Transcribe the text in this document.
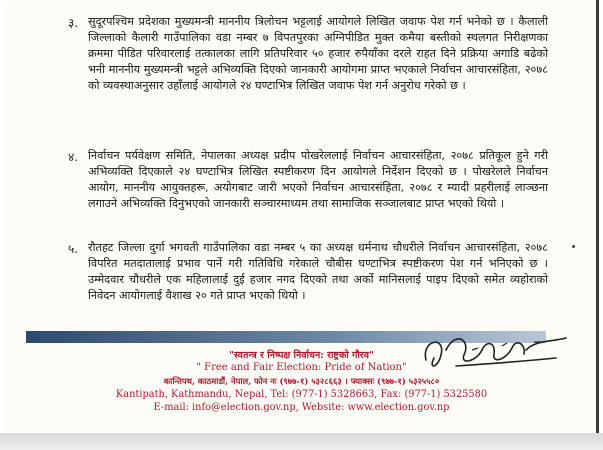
३. सुदूरपश्चिम प्रदेशका मुख्यमन्त्री माननीय त्रिलोचन भट्टलाई आयोगले लिखित जवाफ पेश गर्न भनेको छ । कैलाली जिल्लाको कैलारी गाउँपालिका वडा नम्बर ७ विपतपुरका अग्निपीडित मुक्त कमैया बस्तीको स्थलगत निरीक्षणका क्रममा पीडित परिवारलाई तत्कालका लागि प्रतिपरिवार ५० हजार रुपैयाँका दरले राहत दिने प्रक्रिया अगाडि बढेको भनी माननीय मुख्यमन्त्री भट्टले अभिव्यक्ति दिएको जानकारी आयोगमा प्राप्त भएकाले निर्वाचन आचारसंहिता, २०७८ को व्यवस्थाअनुसार उहाँलाई आयोगले २४ घण्टाभित्र लिखित जवाफ पेश गर्न अनुरोध गरेको छ ।

४. निर्वाचन पर्यवेक्षण समिति, नेपालका अध्यक्ष प्रदीप पोखरेललाई निर्वाचन आचारसंहिता, २०७८ प्रतिकूल हुने गरी अभिव्यक्ति दिएकाले २४ घण्टाभित्र लिखित स्पष्टीकरण दिन आयोगले निर्देशन दिएको छ । पोखरेलले निर्वाचन आयोग, माननीय आयुक्तहरू, अयोगबाट जारी भएको निर्वाचन आचारसंहिता, २०७८ र म्यादी प्रहरीलाई लाञ्छना लगाउने अभिव्यक्ति दिनुभएको जानकारी सञ्चारमाध्यम तथा सामाजिक सञ्जालबाट प्राप्त भएको थियो ।

५. रौतहट जिल्ला दुर्गा भगवती गाउँपालिका वडा नम्बर ५ का अध्यक्ष धर्मनाथ चौधरीले निर्वाचन आचारसंहिता, २०७८ विपरित मतदातालाई प्रभाव पार्ने गरी गतिविधि गरेकाले चौबीस घण्टाभित्र स्पष्टीकरण पेश गर्न भनिएको छ । उम्मेदवार चौधरीले एक महिलालाई दुई हजार नगद दिएको तथा अर्को मानिसलाई पाइप दिएको समेत व्यहोराको निवेदन आयोगलाई वैशाख २० गते प्राप्त भएको थियो ।

"स्वतन्त्र र निष्पक्ष निर्वाचन: राष्ट्रको गौरव"

" Free and Fair Election: Pride of Nation"

कान्तिपथ, काठमाडौं, नेपाल, फोन नः (९७७-१) ५३२८६६३ । फ्याक्सः (९७७-१) ५३२५५८०

Kantipath, Kathmandu, Nepal, Tel: (977-1) 5328663, Fax: (977-1) 5325580

E-mail: info@election.gov.np, Website: www.election.gov.np
